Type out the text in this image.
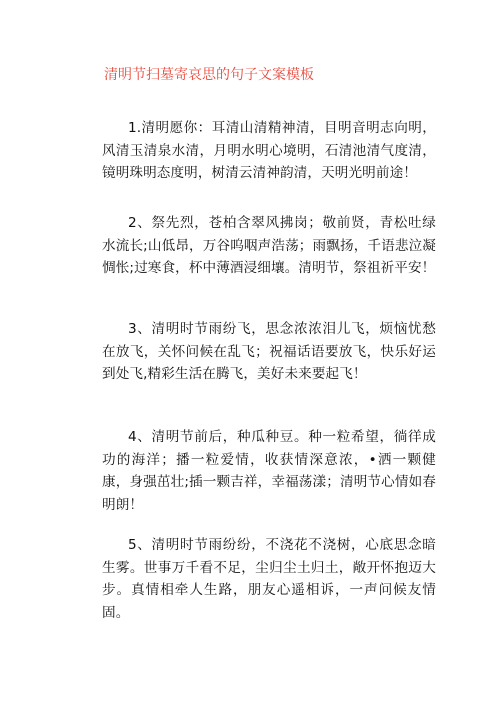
清明节扫墓寄哀思的句子文案模板

1.清明愿你：耳清山清精神清，目明音明志向明，风清玉清泉水清，月明水明心境明，石清池清气度清，镜明珠明态度明，树清云清神韵清，天明光明前途！

2、祭先烈，苍柏含翠风拂岗；敬前贤，青松吐绿水流长;山低昂，万谷呜咽声浩荡；雨飘扬，千语悲泣凝惆怅;过寒食，杯中薄酒浸细壤。清明节，祭祖祈平安！

3、清明时节雨纷飞，思念浓浓泪儿飞，烦恼忧愁在放飞，关怀问候在乱飞；祝福话语要放飞，快乐好运到处飞,精彩生活在腾飞，美好未来要起飞！

4、清明节前后，种瓜种豆。种一粒希望，徜徉成功的海洋；播一粒爱情，收获情深意浓，•洒一颗健康，身强茁壮;插一颗吉祥，幸福荡漾；清明节心情如春明朗！

5、清明时节雨纷纷，不浇花不浇树，心底思念暗生雾。世事万千看不足，尘归尘土归土，敞开怀抱迈大步。真情相牵人生路，朋友心遥相诉，一声问候友情固。
